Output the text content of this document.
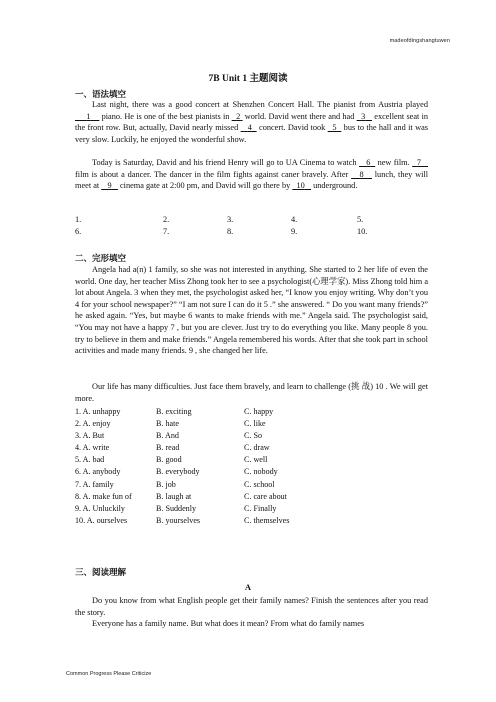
madeofdingshangtuwen
7B Unit 1 主题阅读
一、语法填空
Last night, there was a good concert at Shenzhen Concert Hall. The pianist from Austria played      1     piano. He is one of the best pianists in   2  world. David went there and had   3    excellent seat in the front row. But, actually, David nearly missed    4   concert. David took   5   bus to the hall and it was very slow. Luckily, he enjoyed the wonderful show.
Today is Saturday, David and his friend Henry will go to UA Cinema to watch 6   new film.   7    film is about a dancer. The dancer in the film fights against caner bravely. After    8    lunch, they will meet at    9    cinema gate at 2:00 pm, and David will go there by   10    underground.
1.	2.	3.	4.	5.
6.	7.	8.	9.	10.
二、完形填空
Angela had a(n) 1 family, so she was not interested in anything. She started to 2 her life of even the world. One day, her teacher Miss Zhong took her to see a psychologist(心理学家). Miss Zhong told him a lot about Angela. 3 when they met, the psychologist asked her, “I know you enjoy writing. Why don’t you 4 for your school newspaper?” “I am not sure I can do it 5 .” she answered. “ Do you want many friends?” he asked again. “Yes, but maybe 6 wants to make friends with me.” Angela said. The psychologist said, “You may not have a happy 7 , but you are clever. Just try to do everything you like. Many people 8 you. try to believe in them and make friends.” Angela remembered his words. After that she took part in school activities and made many friends. 9 , she changed her life.
Our life has many difficulties. Just face them bravely, and learn to challenge (挑 战) 10 . We will get more.
1. A. unhappy	B. exciting	C. happy
2. A. enjoy	B. hate	C. like
3. A. But	B. And	C. So
4. A. write	B. read	C. draw
5. A. bad	B. good	C. well
6. A. anybody	B. everybody	C. nobody
7. A. family	B. job	C. school
8. A. make fun of	B. laugh at	C. care about
9. A. Unluckily	B. Suddenly	C. Finally
10. A. ourselves	B. yourselves	C. themselves
三、阅读理解
A
Do you know from what English people get their family names? Finish the sentences after you read the story.
Everyone has a family name. But what does it mean? From what do family names
Common Progress Please Criticize
